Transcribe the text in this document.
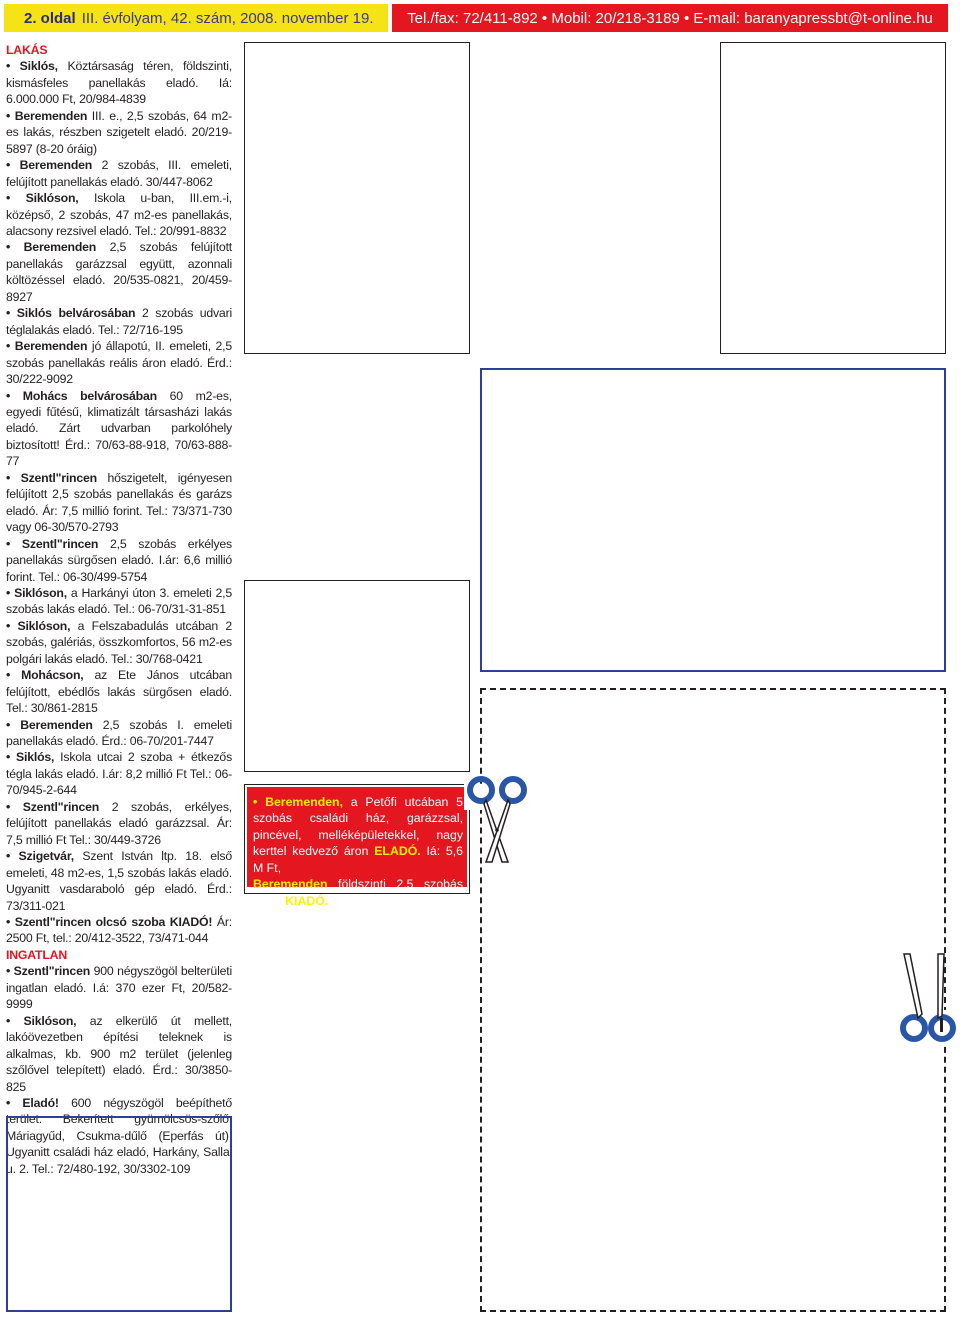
2. oldal III. évfolyam, 42. szám, 2008. november 19. Tel./fax: 72/411-892 • Mobil: 20/218-3189 • E-mail: baranyapressbt@t-online.hu

LAKÁS

• Siklós, Köztársaság téren, földszinti, kismásfeles panellakás eladó. Iá: 6.000.000 Ft, 20/984-4839

• Beremenden III. e., 2,5 szobás, 64 m2-es lakás, részben szigetelt eladó. 20/219-5897 (8-20 óráig)

• Beremenden 2 szobás, III. emeleti, felújított panellakás eladó. 30/447-8062

• Siklóson, Iskola u-ban, III.em.-i, középső, 2 szobás, 47 m2-es panellakás, alacsony rezsivel eladó. Tel.: 20/991-8832

• Beremenden 2,5 szobás felújított panellakás garázzsal együtt, azonnali költözéssel eladó. 20/535-0821, 20/459-8927

• Siklós belvárosában 2 szobás udvari téglalakás eladó. Tel.: 72/716-195

• Beremenden jó állapotú, II. emeleti, 2,5 szobás panellakás reális áron eladó. Érd.: 30/222-9092

• Mohács belvárosában 60 m2-es, egyedi fűtésű, klimatizált társasházi lakás eladó. Zárt udvarban parkolóhely biztosított! Érd.: 70/63-88-918, 70/63-888-77

• Szentl"rincen hőszigetelt, igényesen felújított 2,5 szobás panellakás és garázs eladó. Ár: 7,5 millió forint. Tel.: 73/371-730 vagy 06-30/570-2793

• Szentl"rincen 2,5 szobás erkélyes panellakás sürgősen eladó. I.ár: 6,6 millió forint. Tel.: 06-30/499-5754

• Siklóson, a Harkányi úton 3. emeleti 2,5 szobás lakás eladó. Tel.: 06-70/31-31-851

• Siklóson, a Felszabadulás utcában 2 szobás, galériás, összkomfortos, 56 m2-es polgári lakás eladó. Tel.: 30/768-0421

• Mohácson, az Ete János utcában felújított, ebédlős lakás sürgősen eladó. Tel.: 30/861-2815

• Beremenden 2,5 szobás I. emeleti panellakás eladó. Érd.: 06-70/201-7447

• Siklós, Iskola utcai 2 szoba + étkezős tégla lakás eladó. I.ár: 8,2 millió Ft Tel.: 06-70/945-2-644

• Szentl"rincen 2 szobás, erkélyes, felújított panellakás eladó garázzsal. Ár: 7,5 millió Ft Tel.: 30/449-3726

• Szigetvár, Szent István ltp. 18. első emeleti, 48 m2-es, 1,5 szobás lakás eladó. Ugyanitt vasdaraboló gép eladó. Érd.: 73/311-021

• Szentl"rincen olcsó szoba KIADÓ! Ár: 2500 Ft, tel.: 20/412-3522, 73/471-044

INGATLAN

• Szentl"rincen 900 négyszögöl belterületi ingatlan eladó. I.á: 370 ezer Ft, 20/582-9999

• Siklóson, az elkerülő út mellett, lakóövezetben építési teleknek is alkalmas, kb. 900 m2 terület (jelenleg szőlővel telepített) eladó. Érd.: 30/3850-825

• Eladó! 600 négyszögöl beépíthető terület. Bekerített gyümölcsös-szőlő. Máriagyűd, Csukma-dűlő (Eperfás út). Ugyanitt családi ház eladó, Harkány, Sallai u. 2. Tel.: 72/480-192, 30/3302-109

• Beremenden, a Petőfi utcában 5 szobás családi ház, garázzsal, pincével, melléképületekkel, nagy kerttel kedvező áron ELADÓ. Iá: 5,6 M Ft,
Beremenden földszinti 2,5 szobás lakás KIADÓ. 20/964-3040
